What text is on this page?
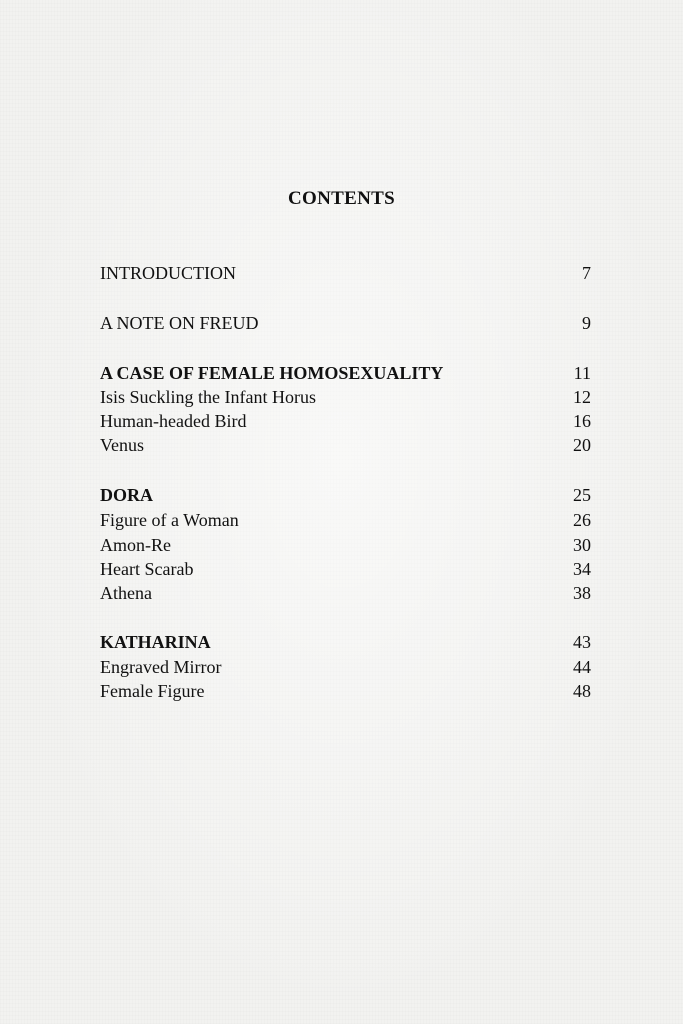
CONTENTS
INTRODUCTION	7
A NOTE ON FREUD	9
A CASE OF FEMALE HOMOSEXUALITY	11
Isis Suckling the Infant Horus	12
Human-headed Bird	16
Venus	20
DORA	25
Figure of a Woman	26
Amon-Re	30
Heart Scarab	34
Athena	38
KATHARINA	43
Engraved Mirror	44
Female Figure	48
